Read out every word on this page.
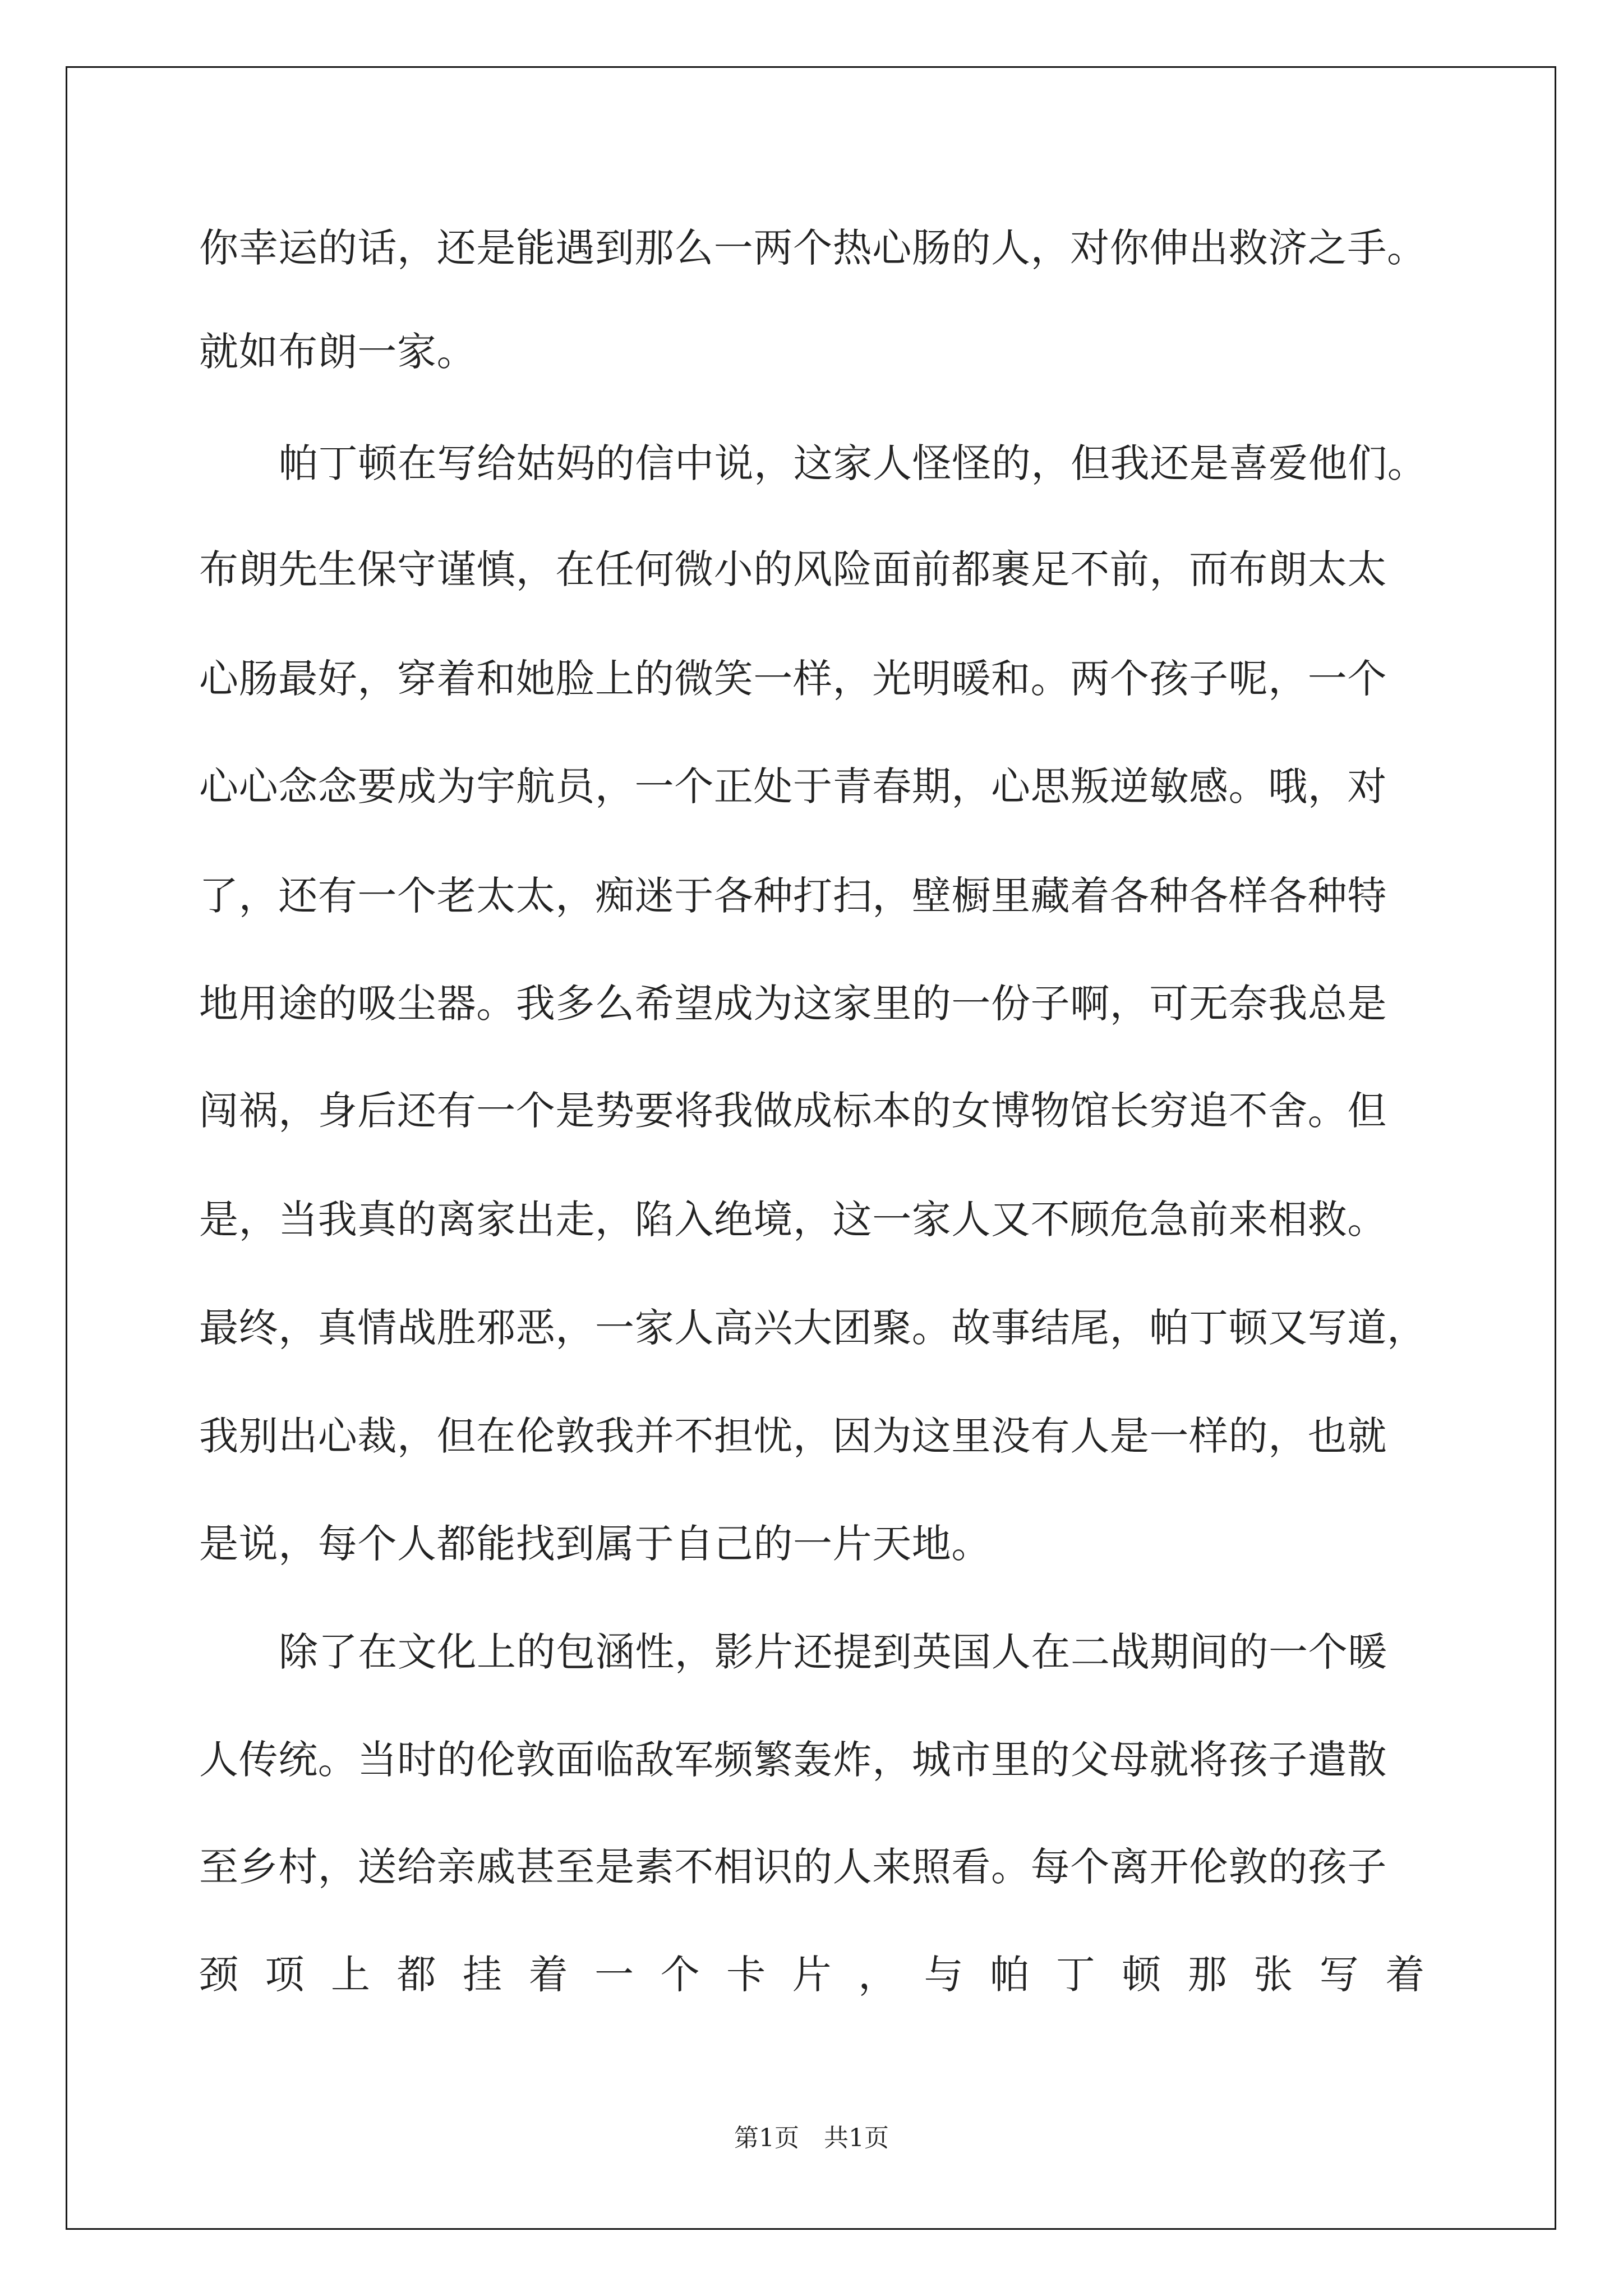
你幸运的话，还是能遇到那么一两个热心肠的人，对你伸出救济之手。
就如布朗一家。
帕丁顿在写给姑妈的信中说，这家人怪怪的，但我还是喜爱他们。
布朗先生保守谨慎，在任何微小的风险面前都裹足不前，而布朗太太
心肠最好，穿着和她脸上的微笑一样，光明暖和。两个孩子呢，一个
心心念念要成为宇航员，一个正处于青春期，心思叛逆敏感。哦，对
了，还有一个老太太，痴迷于各种打扫，壁橱里藏着各种各样各种特
地用途的吸尘器。我多么希望成为这家里的一份子啊，可无奈我总是
闯祸，身后还有一个是势要将我做成标本的女博物馆长穷追不舍。但
是，当我真的离家出走，陷入绝境，这一家人又不顾危急前来相救。
最终，真情战胜邪恶，一家人高兴大团聚。故事结尾，帕丁顿又写道，
我别出心裁，但在伦敦我并不担忧，因为这里没有人是一样的，也就
是说，每个人都能找到属于自己的一片天地。
除了在文化上的包涵性，影片还提到英国人在二战期间的一个暖
人传统。当时的伦敦面临敌军频繁轰炸，城市里的父母就将孩子遣散
至乡村，送给亲戚甚至是素不相识的人来照看。每个离开伦敦的孩子
颈 项 上 都 挂 着 一 个 卡 片 ， 与 帕 丁 顿 那 张 写 着
第1页　共1页
